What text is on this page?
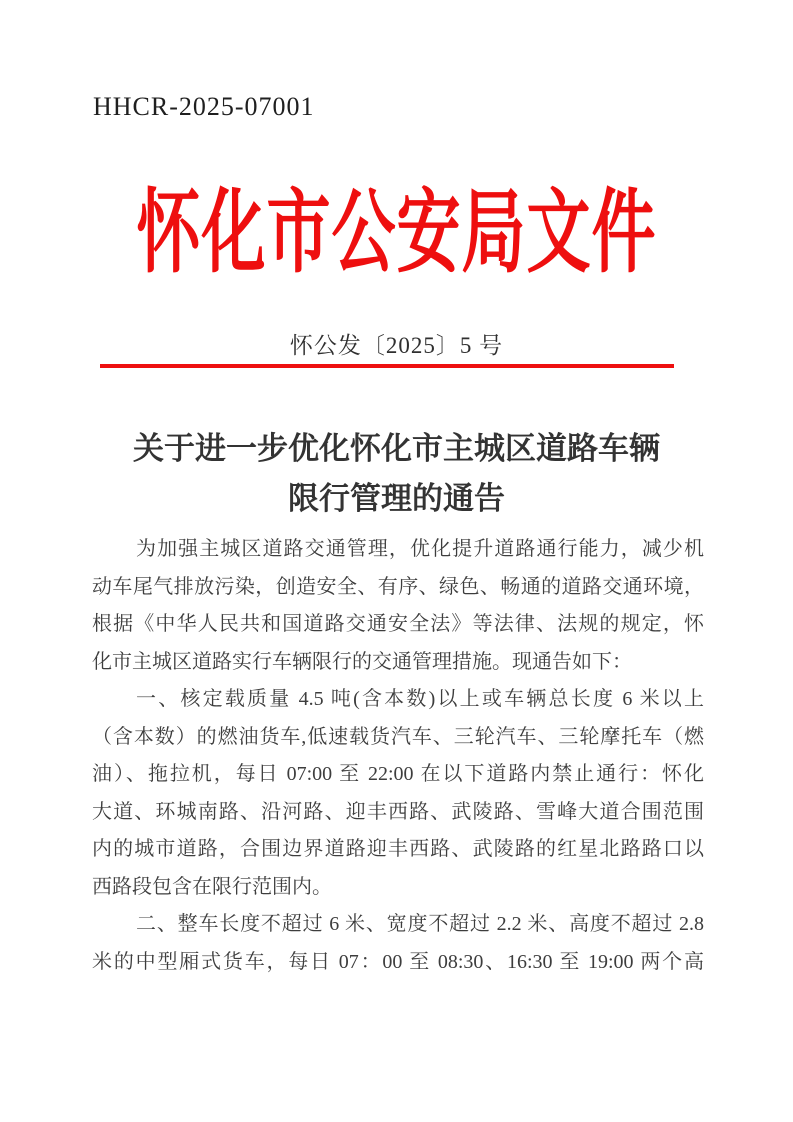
HHCR-2025-07001
怀化市公安局文件
怀公发〔2025〕5 号
关于进一步优化怀化市主城区道路车辆
限行管理的通告
为加强主城区道路交通管理，优化提升道路通行能力，减少机
动车尾气排放污染，创造安全、有序、绿色、畅通的道路交通环境，
根据《中华人民共和国道路交通安全法》等法律、法规的规定，怀
化市主城区道路实行车辆限行的交通管理措施。现通告如下：
一、核定载质量 4.5 吨(含本数)以上或车辆总长度 6 米以上
（含本数）的燃油货车,低速载货汽车、三轮汽车、三轮摩托车（燃
油）、拖拉机，每日 07:00 至 22:00 在以下道路内禁止通行：怀化
大道、环城南路、沿河路、迎丰西路、武陵路、雪峰大道合围范围
内的城市道路，合围边界道路迎丰西路、武陵路的红星北路路口以
西路段包含在限行范围内。
二、整车长度不超过 6 米、宽度不超过 2.2 米、高度不超过 2.8
米的中型厢式货车，每日 07：00 至 08:30、16:30 至 19:00 两个高
